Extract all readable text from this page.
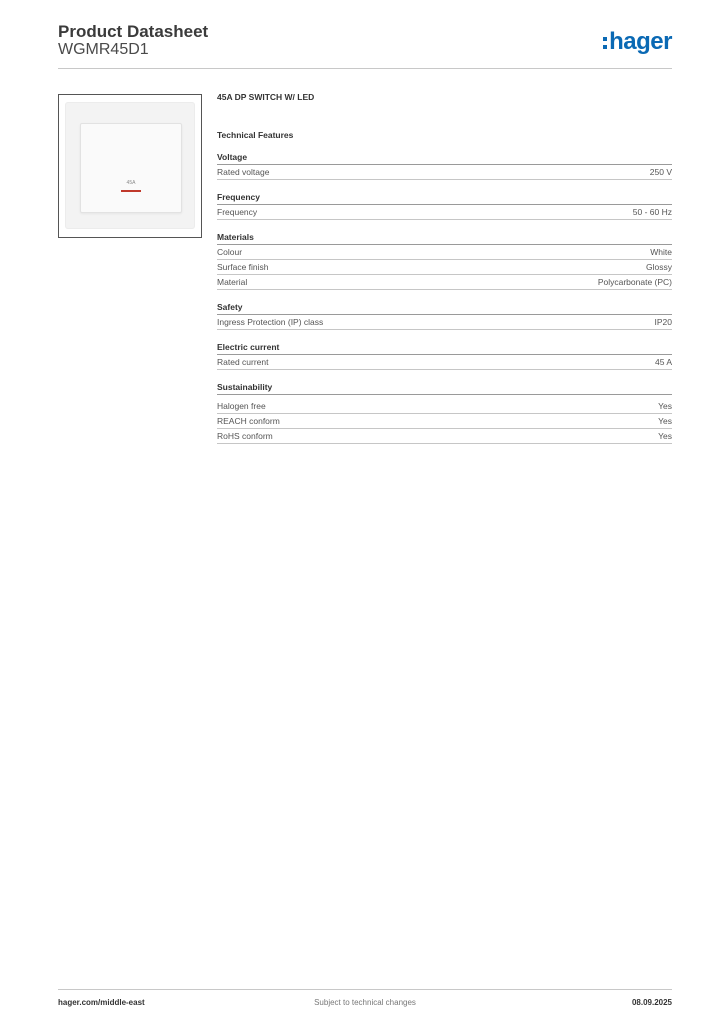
Product Datasheet
WGMR45D1	hager
45A
45A DP SWITCH W/ LED
Technical Features
Voltage
Rated voltage	250 V
Frequency
Frequency	50 - 60 Hz
Materials
Colour	White
Surface finish	Glossy
Material	Polycarbonate (PC)
Safety
Ingress Protection (IP) class	IP20
Electric current
Rated current	45 A
Sustainability
Halogen free	Yes
REACH conform	Yes
RoHS conform	Yes
hager.com/middle-east	Subject to technical changes	08.09.2025
